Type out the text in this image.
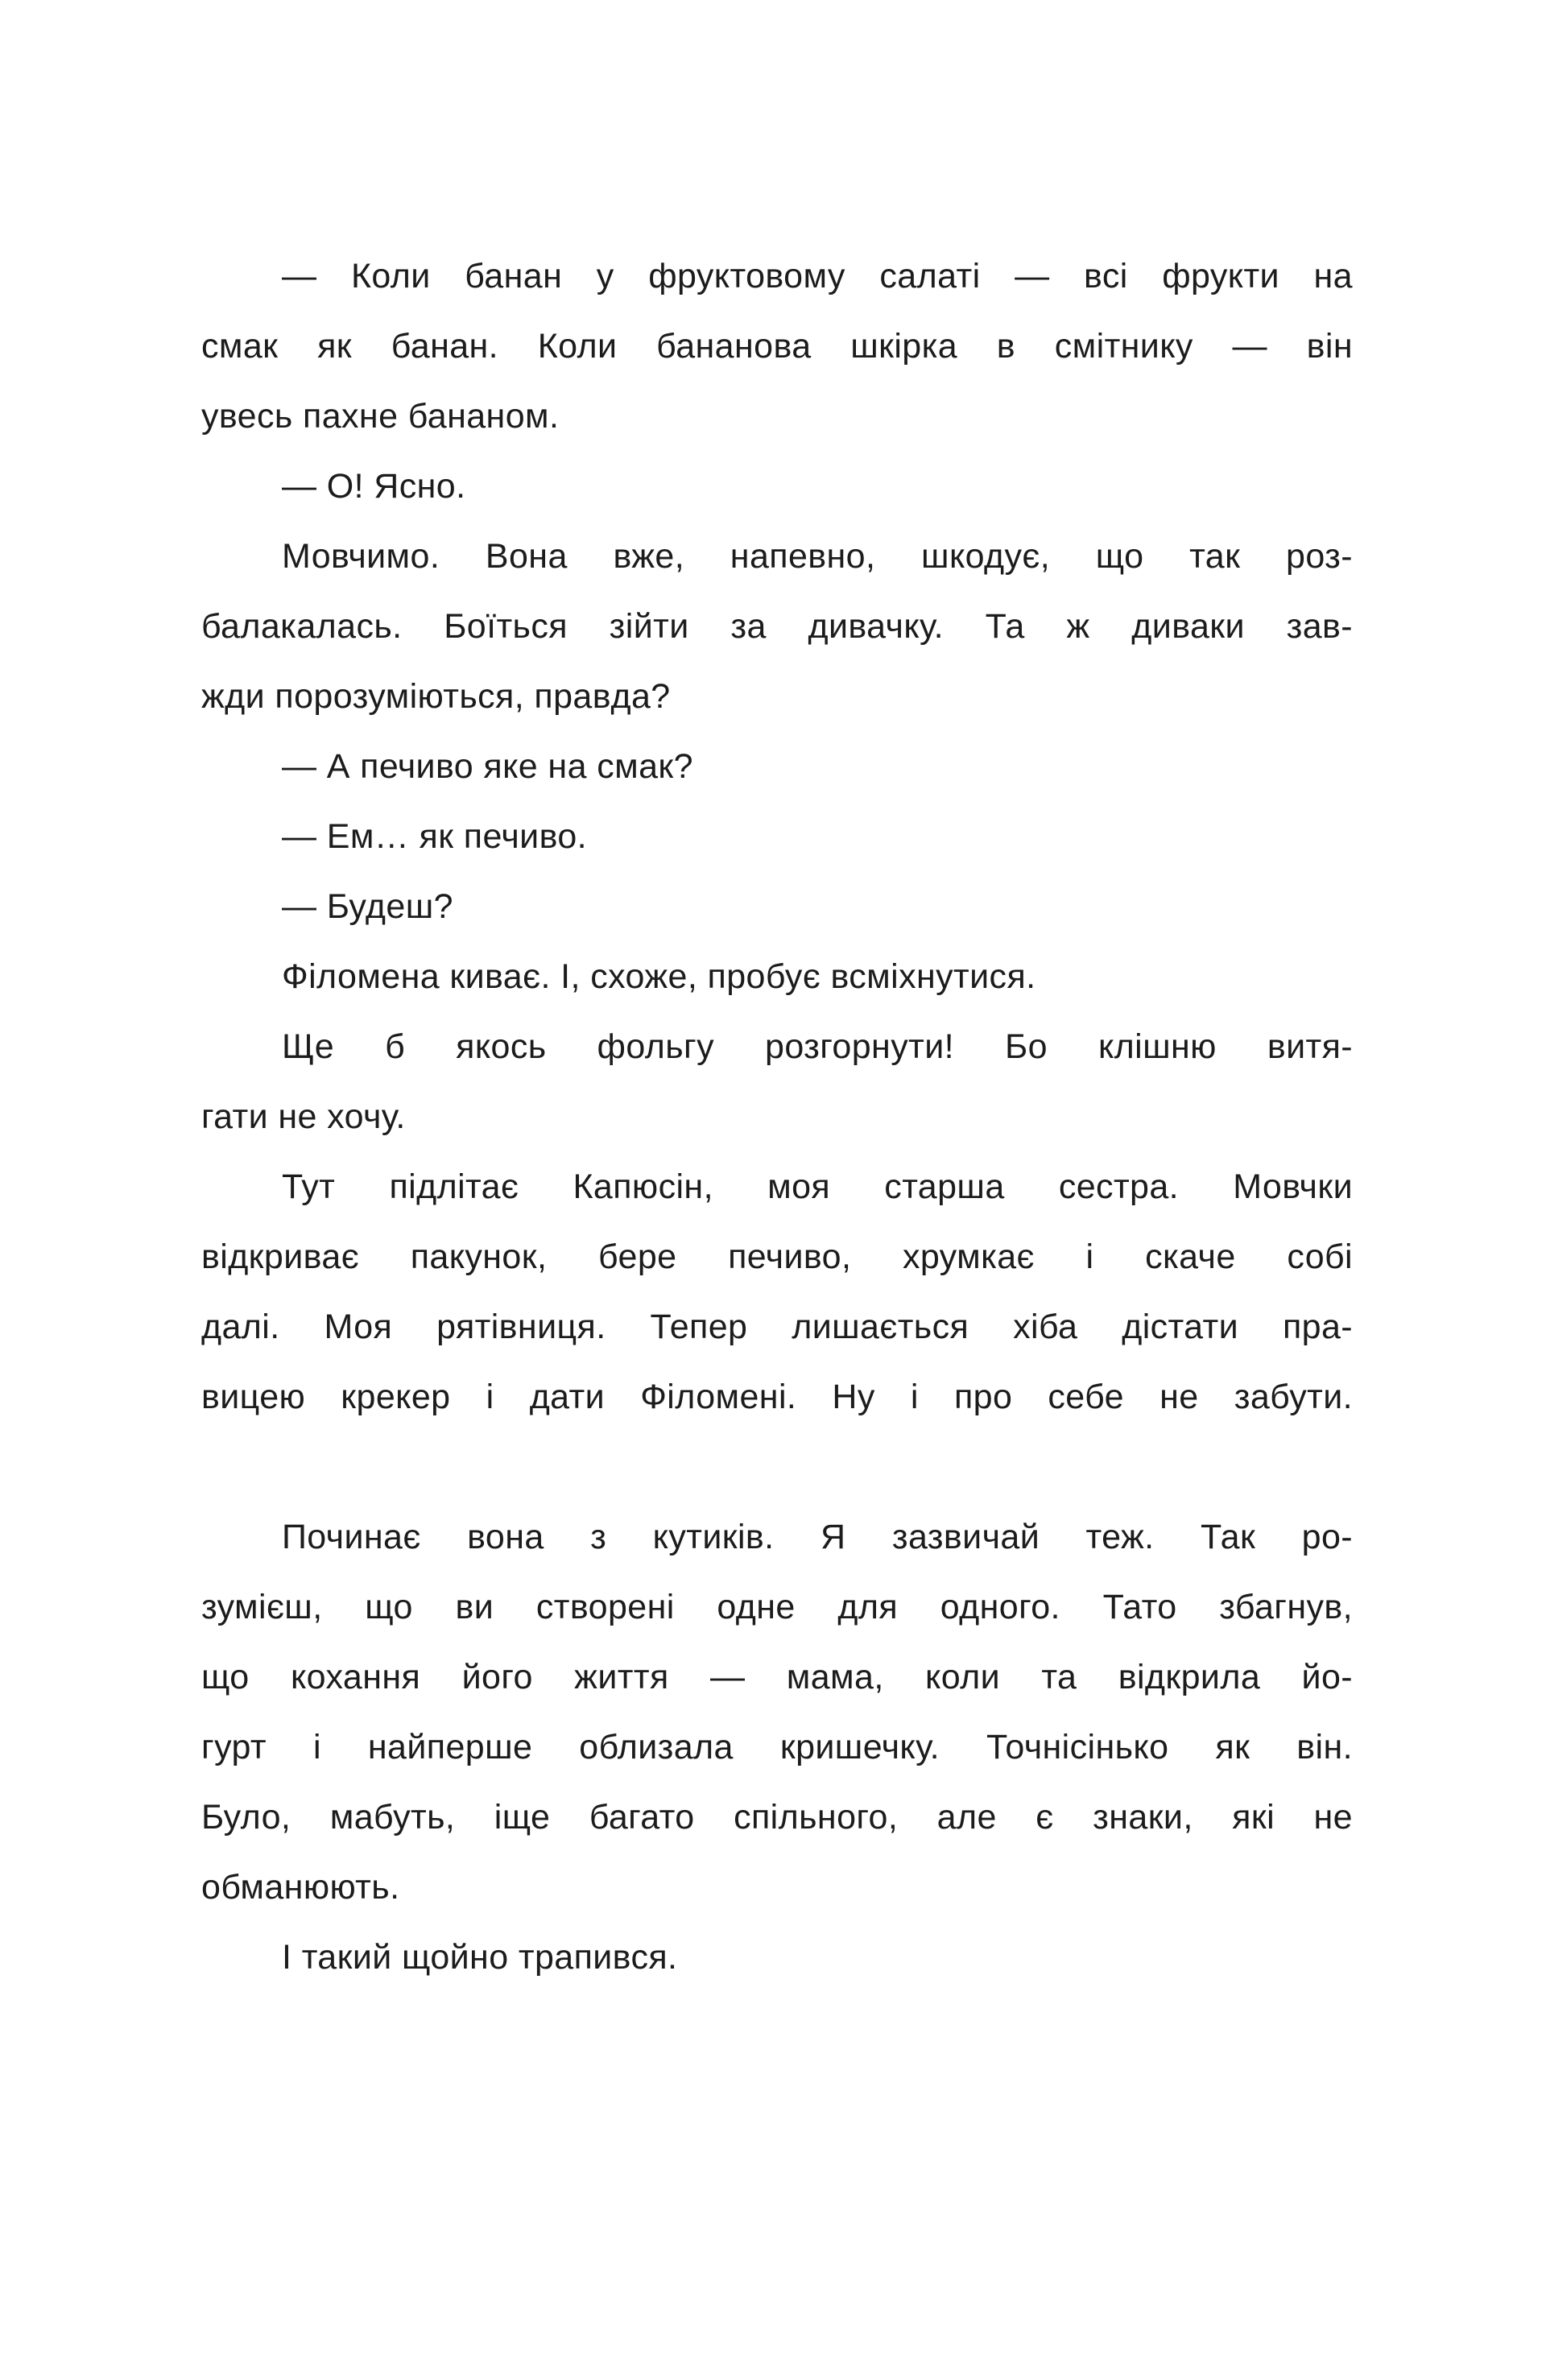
— Коли банан у фруктовому салаті — всі фрукти на
смак як банан. Коли бананова шкірка в смітнику — він
увесь пахне бананом.
— О! Ясно.
Мовчимо. Вона вже, напевно, шкодує, що так роз-
балакалась. Боїться зійти за дивачку. Та ж диваки зав-
жди порозуміються, правда?
— А печиво яке на смак?
— Ем… як печиво.
— Будеш?
Філомена киває. І, схоже, пробує всміхнутися.
Ще б якось фольгу розгорнути! Бо клішню витя-
гати не хочу.
Тут підлітає Капюсін, моя старша сестра. Мовчки
відкриває пакунок, бере печиво, хрумкає і скаче собі
далі. Моя рятівниця. Тепер лишається хіба дістати пра-
вицею крекер і дати Філомені. Ну і про себе не забути.
Починає вона з кутиків. Я зазвичай теж. Так ро-
зумієш, що ви створені одне для одного. Тато збагнув,
що кохання його життя — мама, коли та відкрила йо-
гурт і найперше облизала кришечку. Точнісінько як він.
Було, мабуть, іще багато спільного, але є знаки, які не
обманюють.
І такий щойно трапився.
